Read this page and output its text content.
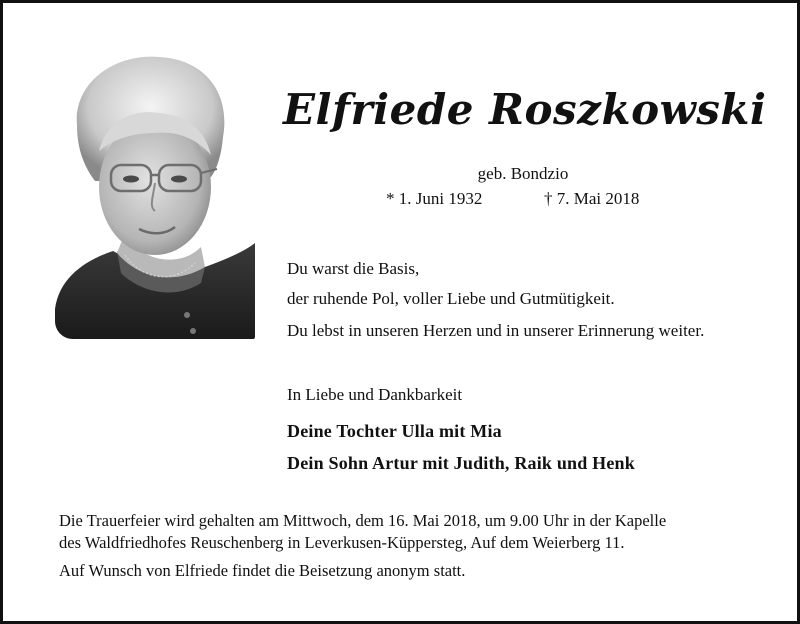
Elfriede Roszkowski
geb. Bondzio
* 1. Juni 1932	† 7. Mai 2018
Du warst die Basis,
der ruhende Pol, voller Liebe und Gutmütigkeit.
Du lebst in unseren Herzen und in unserer Erinnerung weiter.
In Liebe und Dankbarkeit
Deine Tochter Ulla mit Mia
Dein Sohn Artur mit Judith, Raik und Henk
Die Trauerfeier wird gehalten am Mittwoch, dem 16. Mai 2018, um 9.00 Uhr in der Kapelle
des Waldfriedhofes Reuschenberg in Leverkusen-Küppersteg, Auf dem Weierberg 11.
Auf Wunsch von Elfriede findet die Beisetzung anonym statt.
